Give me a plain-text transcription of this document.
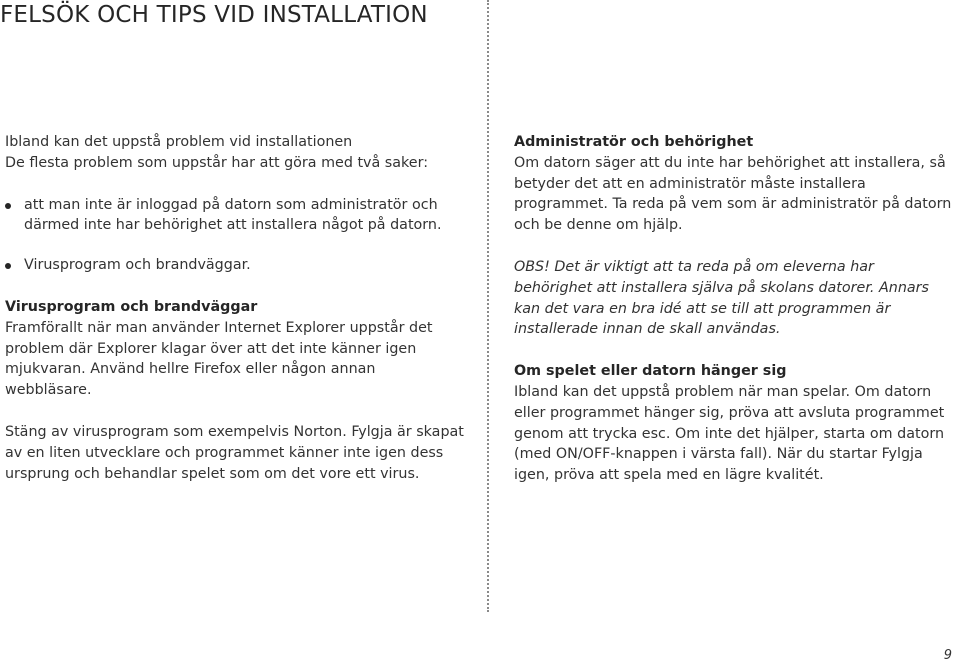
FELSÖK OCH TIPS VID INSTALLATION

Ibland kan det uppstå problem vid installationen

De flesta problem som uppstår har att göra med två saker:

att man inte är inloggad på datorn som administratör och därmed inte har behörighet att installera något på datorn.
Virusprogram och brandväggar.

Virusprogram och brandväggar

Framförallt när man använder Internet Explorer uppstår det problem där Explorer klagar över att det inte känner igen mjukvaran. Använd hellre Firefox eller någon annan webbläsare.

Stäng av virusprogram som exempelvis Norton. Fylgja är skapat av en liten utvecklare och programmet känner inte igen dess ursprung och behandlar spelet som om det vore ett virus.

Administratör och behörighet

Om datorn säger att du inte har behörighet att installera, så betyder det att en administratör måste installera programmet. Ta reda på vem som är administratör på datorn och be denne om hjälp.

OBS! Det är viktigt att ta reda på om eleverna har behörighet att installera själva på skolans datorer. Annars kan det vara en bra idé att se till att programmen är installerade innan de skall användas.

Om spelet eller datorn hänger sig

Ibland kan det uppstå problem när man spelar. Om datorn eller programmet hänger sig, pröva att avsluta programmet genom att trycka esc. Om inte det hjälper, starta om datorn (med ON/OFF-knappen i värsta fall). När du startar Fylgja igen, pröva att spela med en lägre kvalitét.

9
